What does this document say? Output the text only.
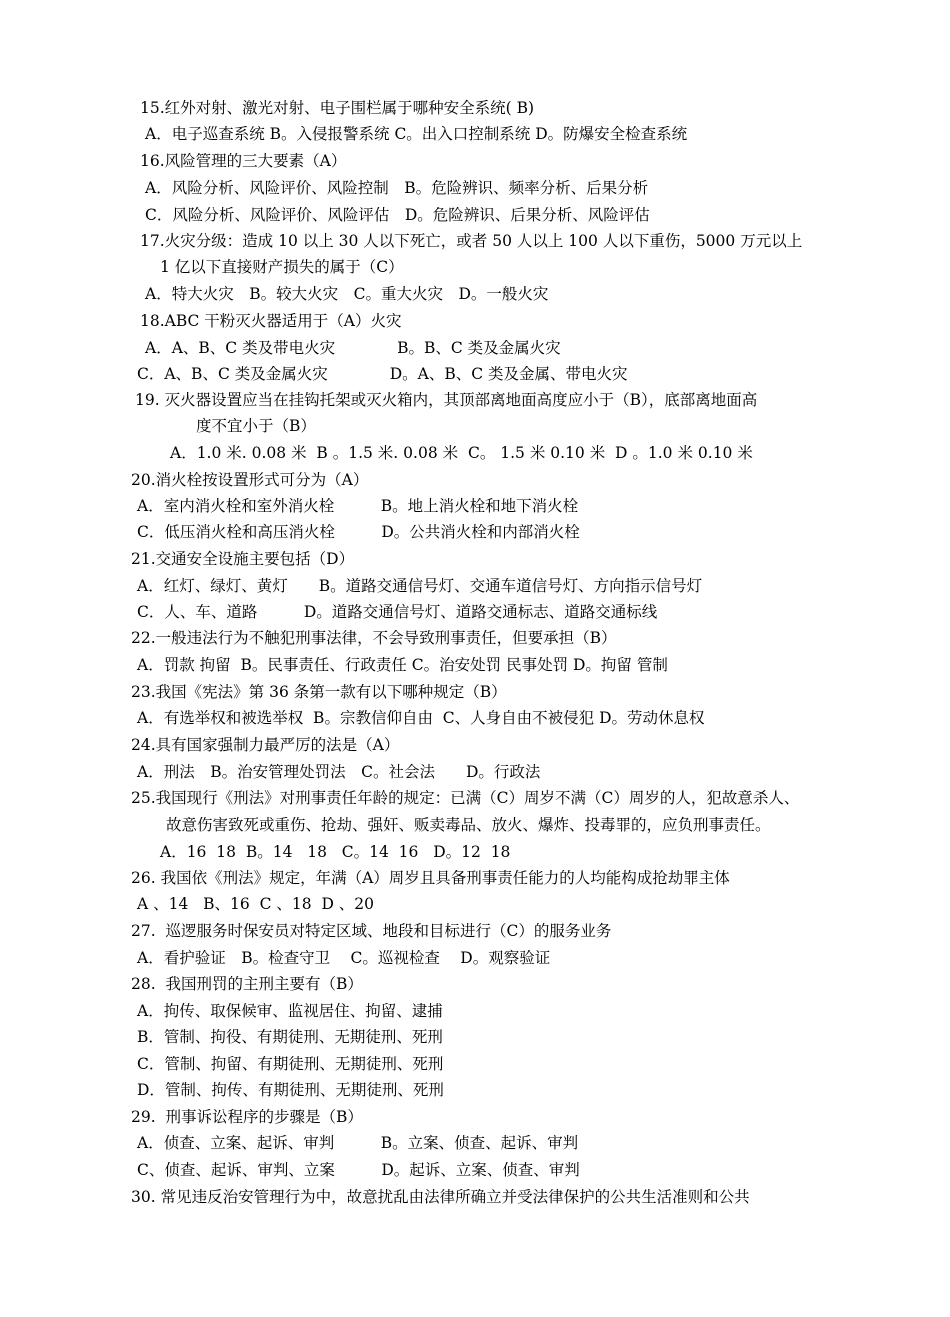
15.红外对射、激光对射、电子围栏属于哪种安全系统( B)
A．电子巡查系统 B。入侵报警系统 C。出入口控制系统 D。防爆安全检查系统
16.风险管理的三大要素（A）
A．风险分析、风险评价、风险控制　B。危险辨识、频率分析、后果分析
C．风险分析、风险评价、风险评估　D。危险辨识、后果分析、风险评估
17.火灾分级：造成 10 以上 30 人以下死亡，或者 50 人以上 100 人以下重伤，5000 万元以上
1 亿以下直接财产损失的属于（C）
A．特大火灾　B。较大火灾　C。重大火灾　D。一般火灾
18.ABC 干粉灭火器适用于（A）火灾
A．A、B、C 类及带电火灾　　　　B。B、C 类及金属火灾
C．A、B、C 类及金属火灾　　　　D。A、B、C 类及金属、带电火灾
19. 灭火器设置应当在挂钩托架或灭火箱内，其顶部离地面高度应小于（B），底部离地面高
度不宜小于（B）
A．1.0 米. 0.08 米  B 。1.5 米. 0.08 米  C。 1.5 米 0.10 米  D 。1.0 米 0.10 米
20.消火栓按设置形式可分为（A）
A．室内消火栓和室外消火栓　　　B。地上消火栓和地下消火栓
C．低压消火栓和高压消火栓　　　D。公共消火栓和内部消火栓
21.交通安全设施主要包括（D）
A．红灯、绿灯、黄灯　　B。道路交通信号灯、交通车道信号灯、方向指示信号灯
C．人、车、道路　　　D。道路交通信号灯、道路交通标志、道路交通标线
22.一般违法行为不触犯刑事法律，不会导致刑事责任，但要承担（B）
A．罚款 拘留  B。民事责任、行政责任 C。治安处罚 民事处罚 D。拘留 管制
23.我国《宪法》第 36 条第一款有以下哪种规定（B）
A．有选举权和被选举权  B。宗教信仰自由  C、人身自由不被侵犯 D。劳动休息权
24.具有国家强制力最严厉的法是（A）
A．刑法　B。治安管理处罚法　C。社会法　　D。行政法
25.我国现行《刑法》对刑事责任年龄的规定：已满（C）周岁不满（C）周岁的人，犯故意杀人、
故意伤害致死或重伤、抢劫、强奸、贩卖毒品、放火、爆炸、投毒罪的，应负刑事责任。
A．16  18  B。14   18   C。14  16   D。12  18
26. 我国依《刑法》规定，年满（A）周岁且具备刑事责任能力的人均能构成抢劫罪主体
A 、14   B、16  C 、18  D 、20
27.  巡逻服务时保安员对特定区域、地段和目标进行（C）的服务业务
A．看护验证　B。检查守卫　 C。巡视检查　 D。观察验证
28.  我国刑罚的主刑主要有（B）
A．拘传、取保候审、监视居住、拘留、逮捕
B．管制、拘役、有期徒刑、无期徒刑、死刑
C．管制、拘留、有期徒刑、无期徒刑、死刑
D．管制、拘传、有期徒刑、无期徒刑、死刑
29.  刑事诉讼程序的步骤是（B）
A．侦查、立案、起诉、审判　　　B。立案、侦查、起诉、审判
C、侦查、起诉、审判、立案　　　D。起诉、立案、侦查、审判
30. 常见违反治安管理行为中，故意扰乱由法律所确立并受法律保护的公共生活准则和公共
